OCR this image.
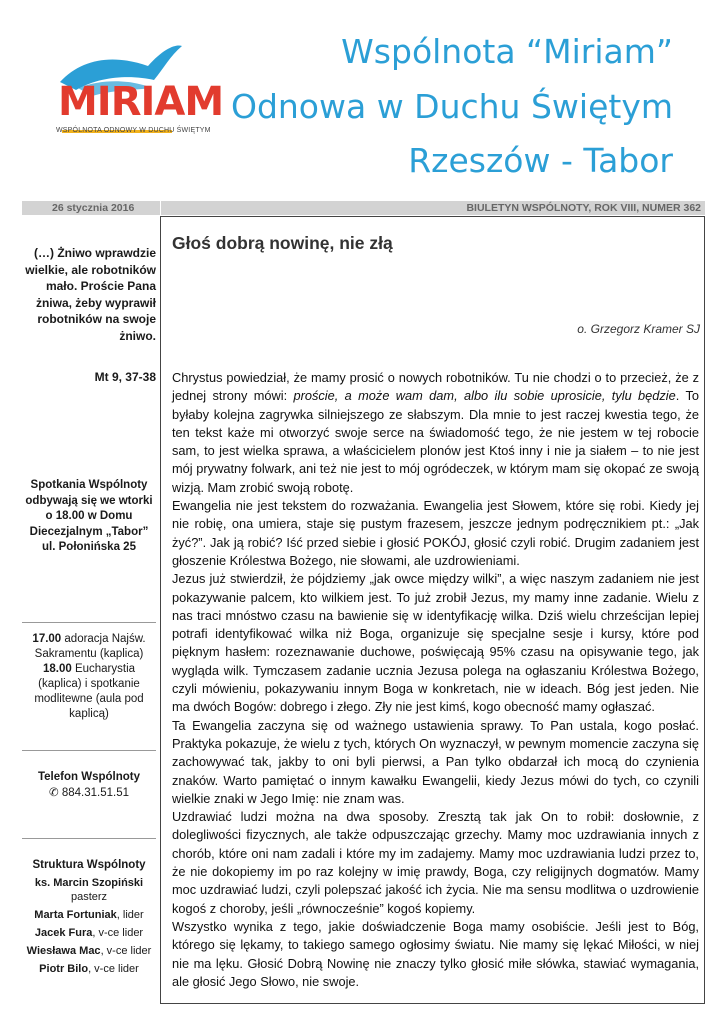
MIRIAM
WSPÓLNOTA ODNOWY W DUCHU ŚWIĘTYM
Wspólnota “Miriam”
Odnowa w Duchu Świętym
Rzeszów - Tabor
26 stycznia 2016	BIULETYN WSPÓLNOTY, ROK VIII, NUMER 362
(…) Żniwo wprawdzie wielkie, ale robotników mało. Proście Pana żniwa, żeby wyprawił robotników na swoje żniwo.
Mt 9, 37-38
Spotkania Wspólnoty odbywają się we wtorki o 18.00 w Domu Diecezjalnym „Tabor” ul. Połonińska 25
17.00 adoracja Najśw. Sakramentu (kaplica)
18.00 Eucharystia (kaplica) i spotkanie modlitewne (aula pod kaplicą)
Telefon Wspólnoty
✆ 884.31.51.51
Struktura Wspólnoty
ks. Marcin Szopiński
pasterz
Marta Fortuniak, lider
Jacek Fura, v-ce lider
Wiesława Mac, v-ce lider
Piotr Bilo, v-ce lider
Głoś dobrą nowinę, nie złą
o. Grzegorz Kramer SJ

Chrystus powiedział, że mamy prosić o nowych robotników. Tu nie chodzi o to przecież, że z jednej strony mówi: proście, a może wam dam, albo ilu sobie uprosicie, tylu będzie. To byłaby kolejna zagrywka silniejszego ze słabszym. Dla mnie to jest raczej kwestia tego, że ten tekst każe mi otworzyć swoje serce na świadomość tego, że nie jestem w tej robocie sam, to jest wielka sprawa, a właścicielem plonów jest Ktoś inny i nie ja siałem – to nie jest mój prywatny folwark, ani też nie jest to mój ogródeczek, w którym mam się okopać ze swoją wizją. Mam zrobić swoją robotę.

Ewangelia nie jest tekstem do rozważania. Ewangelia jest Słowem, które się robi. Kiedy jej nie robię, ona umiera, staje się pustym frazesem, jeszcze jednym podręcznikiem pt.: „Jak żyć?”. Jak ją robić? Iść przed siebie i głosić POKÓJ, głosić czyli robić. Drugim zadaniem jest głoszenie Królestwa Bożego, nie słowami, ale uzdrowieniami.

Jezus już stwierdził, że pójdziemy „jak owce między wilki”, a więc naszym zadaniem nie jest pokazywanie palcem, kto wilkiem jest. To już zrobił Jezus, my mamy inne zadanie. Wielu z nas traci mnóstwo czasu na bawienie się w identyfikację wilka. Dziś wielu chrześcijan lepiej potrafi identyfikować wilka niż Boga, organizuje się specjalne sesje i kursy, które pod pięknym hasłem: rozeznawanie duchowe, poświęcają 95% czasu na opisywanie tego, jak wygląda wilk. Tymczasem zadanie ucznia Jezusa polega na ogłaszaniu Królestwa Bożego, czyli mówieniu, pokazywaniu innym Boga w konkretach, nie w ideach. Bóg jest jeden. Nie ma dwóch Bogów: dobrego i złego. Zły nie jest kimś, kogo obecność mamy ogłaszać.

Ta Ewangelia zaczyna się od ważnego ustawienia sprawy. To Pan ustala, kogo posłać. Praktyka pokazuje, że wielu z tych, których On wyznaczył, w pewnym momencie zaczyna się zachowywać tak, jakby to oni byli pierwsi, a Pan tylko obdarzał ich mocą do czynienia znaków. Warto pamiętać o innym kawałku Ewangelii, kiedy Jezus mówi do tych, co czynili wielkie znaki w Jego Imię: nie znam was.

Uzdrawiać ludzi można na dwa sposoby. Zresztą tak jak On to robił: dosłownie, z dolegliwości fizycznych, ale także odpuszczając grzechy. Mamy moc uzdrawiania innych z chorób, które oni nam zadali i które my im zadajemy. Mamy moc uzdrawiania ludzi przez to, że nie dokopiemy im po raz kolejny w imię prawdy, Boga, czy religijnych dogmatów. Mamy moc uzdrawiać ludzi, czyli polepszać jakość ich życia. Nie ma sensu modlitwa o uzdrowienie kogoś z choroby, jeśli „równocześnie” kogoś kopiemy.

Wszystko wynika z tego, jakie doświadczenie Boga mamy osobiście. Jeśli jest to Bóg, którego się lękamy, to takiego samego ogłosimy światu. Nie mamy się lękać Miłości, w niej nie ma lęku. Głosić Dobrą Nowinę nie znaczy tylko głosić miłe słówka, stawiać wymagania, ale głosić Jego Słowo, nie swoje.
